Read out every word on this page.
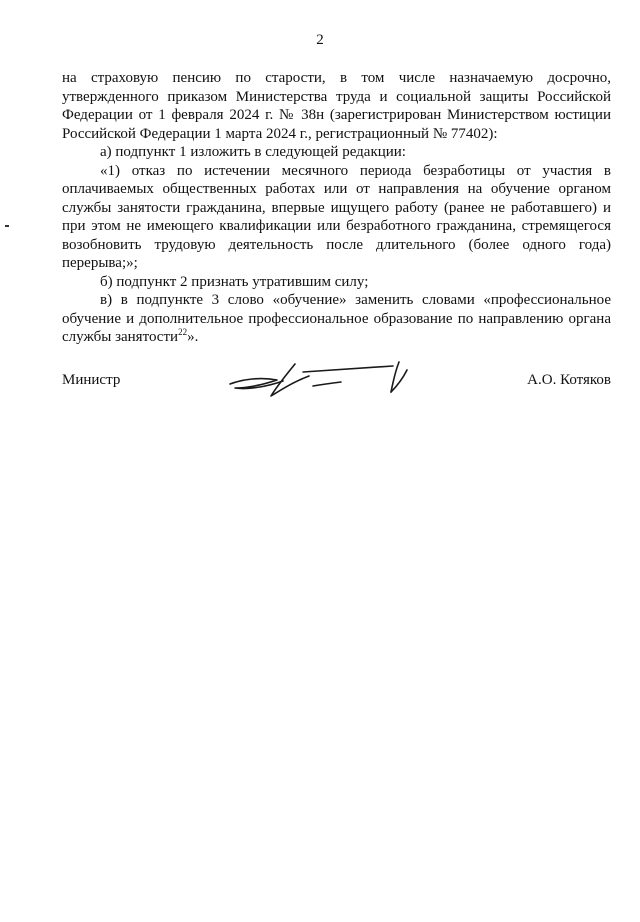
2

на страховую пенсию по старости, в том числе назначаемую досрочно, утвержденного приказом Министерства труда и социальной защиты Российской Федерации от 1 февраля 2024 г. № 38н (зарегистрирован Министерством юстиции Российской Федерации 1 марта 2024 г., регистрационный № 77402):

а) подпункт 1 изложить в следующей редакции:

«1) отказ по истечении месячного периода безработицы от участия в оплачиваемых общественных работах или от направления на обучение органом службы занятости гражданина, впервые ищущего работу (ранее не работавшего) и при этом не имеющего квалификации или безработного гражданина, стремящегося возобновить трудовую деятельность после длительного (более одного года) перерыва;»;

б) подпункт 2 признать утратившим силу;

в) в подпункте 3 слово «обучение» заменить словами «профессиональное обучение и дополнительное профессиональное образование по направлению органа службы занятости$^{22}$».

Министр	А.О. Котяков
